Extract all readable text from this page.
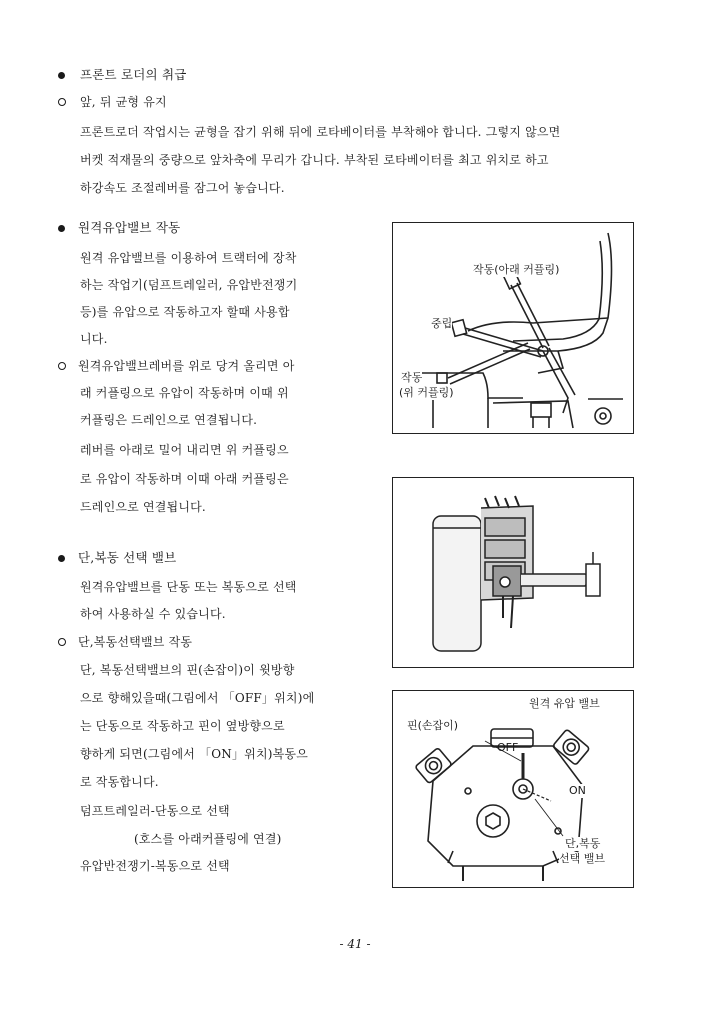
프론트 로더의 취급
앞, 뒤 균형 유지
프론트로더 작업시는 균형을 잡기 위해 뒤에 로타베이터를 부착해야 합니다. 그렇지 않으면
버켓 적재물의 중량으로 앞차축에 무리가 갑니다. 부착된 로타베이터를 최고 위치로 하고
하강속도 조절레버를 잠그어 놓습니다.
원격유압밸브 작동
원격 유압밸브를 이용하여 트랙터에 장착
하는 작업기(덤프트레일러, 유압반전쟁기
등)를 유압으로 작동하고자 할때 사용합
니다.
원격유압밸브레버를 위로 당겨 올리면 아
래 커플링으로 유압이 작동하며 이때 위
커플링은 드레인으로 연결됩니다.
레버를 아래로 밀어 내리면 위 커플링으
로 유압이 작동하며 이때 아래 커플링은
드레인으로 연결됩니다.
단,복동 선택 밸브
원격유압밸브를 단동 또는 복동으로 선택
하여 사용하실 수 있습니다.
단,복동선택밸브 작동
단, 복동선택밸브의 핀(손잡이)이 윗방향
으로 향해있을때(그림에서 「OFF」위치)에
는 단동으로 작동하고 핀이 옆방향으로
향하게 되면(그림에서 「ON」위치)복동으
로 작동합니다.
덤프트레일러-단동으로 선택
(호스를 아래커플링에 연결)
유압반전쟁기-복동으로 선택
작동(아래 커플링)
중립
작동
(위 커플링)
원격 유압 밸브
핀(손잡이)
OFF
ON
단,복동
선택 밸브
- 41 -
